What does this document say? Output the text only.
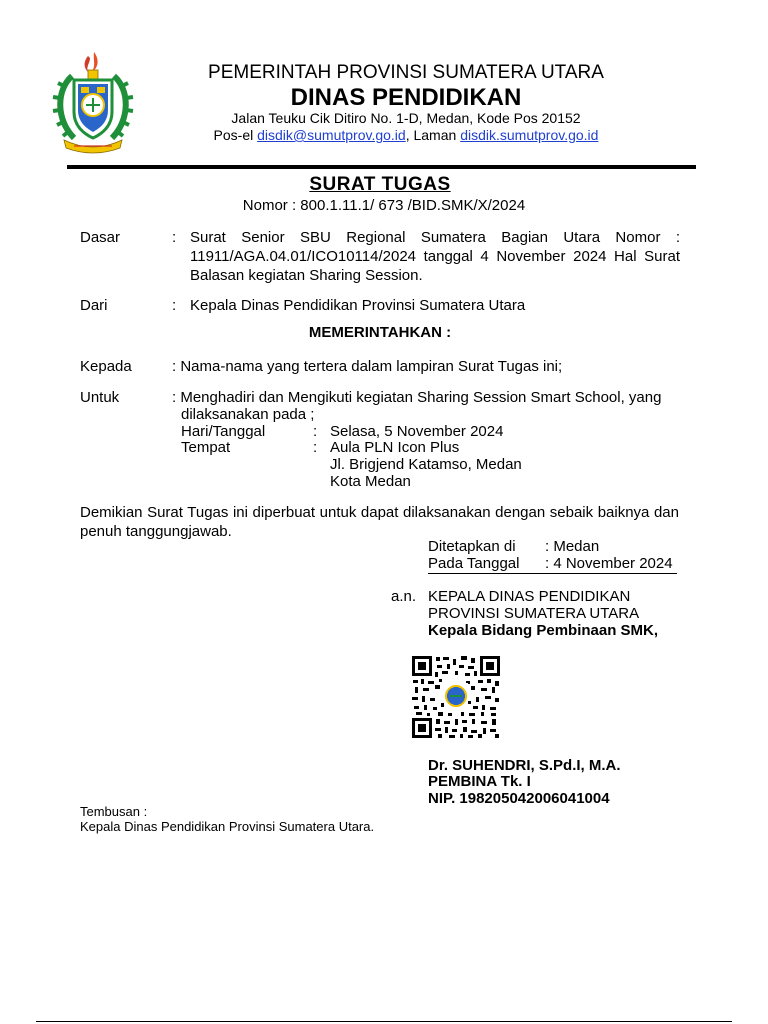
PEMERINTAH PROVINSI SUMATERA UTARA
DINAS PENDIDIKAN
Jalan Teuku Cik Ditiro No. 1-D, Medan, Kode Pos 20152
Pos-el disdik@sumutprov.go.id, Laman disdik.sumutprov.go.id
SURAT TUGAS
Nomor : 800.1.11.1/ 673 /BID.SMK/X/2024
Dasar	: Surat Senior SBU Regional Sumatera Bagian Utara Nomor : 11911/AGA.04.01/ICO10114/2024 tanggal 4 November 2024 Hal Surat Balasan kegiatan Sharing Session.
Dari	: Kepala Dinas Pendidikan Provinsi Sumatera Utara
MEMERINTAHKAN :
Kepada	: Nama-nama yang tertera dalam lampiran Surat Tugas ini;
Untuk	: Menghadiri dan Mengikuti kegiatan Sharing Session Smart School, yang
dilaksanakan pada ;
Hari/Tanggal	: Selasa, 5 November 2024
Tempat	: Aula PLN Icon Plus
Jl. Brigjend Katamso, Medan
Kota Medan
Demikian Surat Tugas ini diperbuat untuk dapat dilaksanakan dengan sebaik baiknya dan penuh tanggungjawab.
Ditetapkan di : Medan
Pada Tanggal : 4 November 2024
a.n. KEPALA DINAS PENDIDIKAN
PROVINSI SUMATERA UTARA
Kepala Bidang Pembinaan SMK,
Dr. SUHENDRI, S.Pd.I, M.A.
PEMBINA Tk. I
NIP. 198205042006041004
Tembusan :
Kepala Dinas Pendidikan Provinsi Sumatera Utara.
